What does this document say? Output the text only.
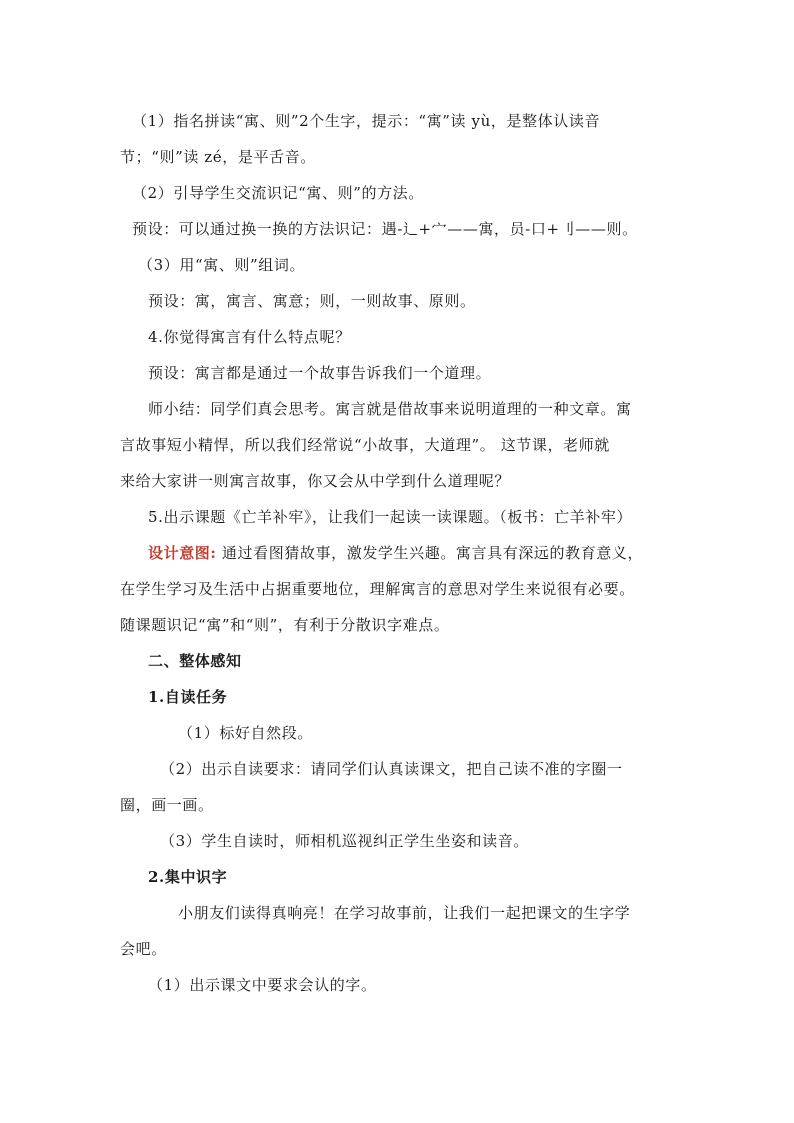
（1）指名拼读“寓、则”2个生字，提示：“寓”读 yù，是整体认读音
节；“则”读 zé，是平舌音。
（2）引导学生交流识记“寓、则”的方法。
预设：可以通过换一换的方法识记：遇-辶+宀——寓，员-口+刂——则。
（3）用“寓、则”组词。
预设：寓，寓言、寓意；则，一则故事、原则。
4.你觉得寓言有什么特点呢？
预设：寓言都是通过一个故事告诉我们一个道理。
师小结：同学们真会思考。寓言就是借故事来说明道理的一种文章。寓
言故事短小精悍，所以我们经常说“小故事，大道理”。 这节课，老师就
来给大家讲一则寓言故事，你又会从中学到什么道理呢？
5.出示课题《亡羊补牢》，让我们一起读一读课题。（板书：亡羊补牢）
设计意图: 通过看图猜故事，激发学生兴趣。寓言具有深远的教育意义，
在学生学习及生活中占据重要地位，理解寓言的意思对学生来说很有必要。
随课题识记“寓”和“则”，有利于分散识字难点。
二、整体感知
1.自读任务
（1）标好自然段。
（2）出示自读要求：请同学们认真读课文，把自己读不准的字圈一
圈，画一画。
（3）学生自读时，师相机巡视纠正学生坐姿和读音。
2.集中识字
小朋友们读得真响亮！在学习故事前，让我们一起把课文的生字学
会吧。
（1）出示课文中要求会认的字。
